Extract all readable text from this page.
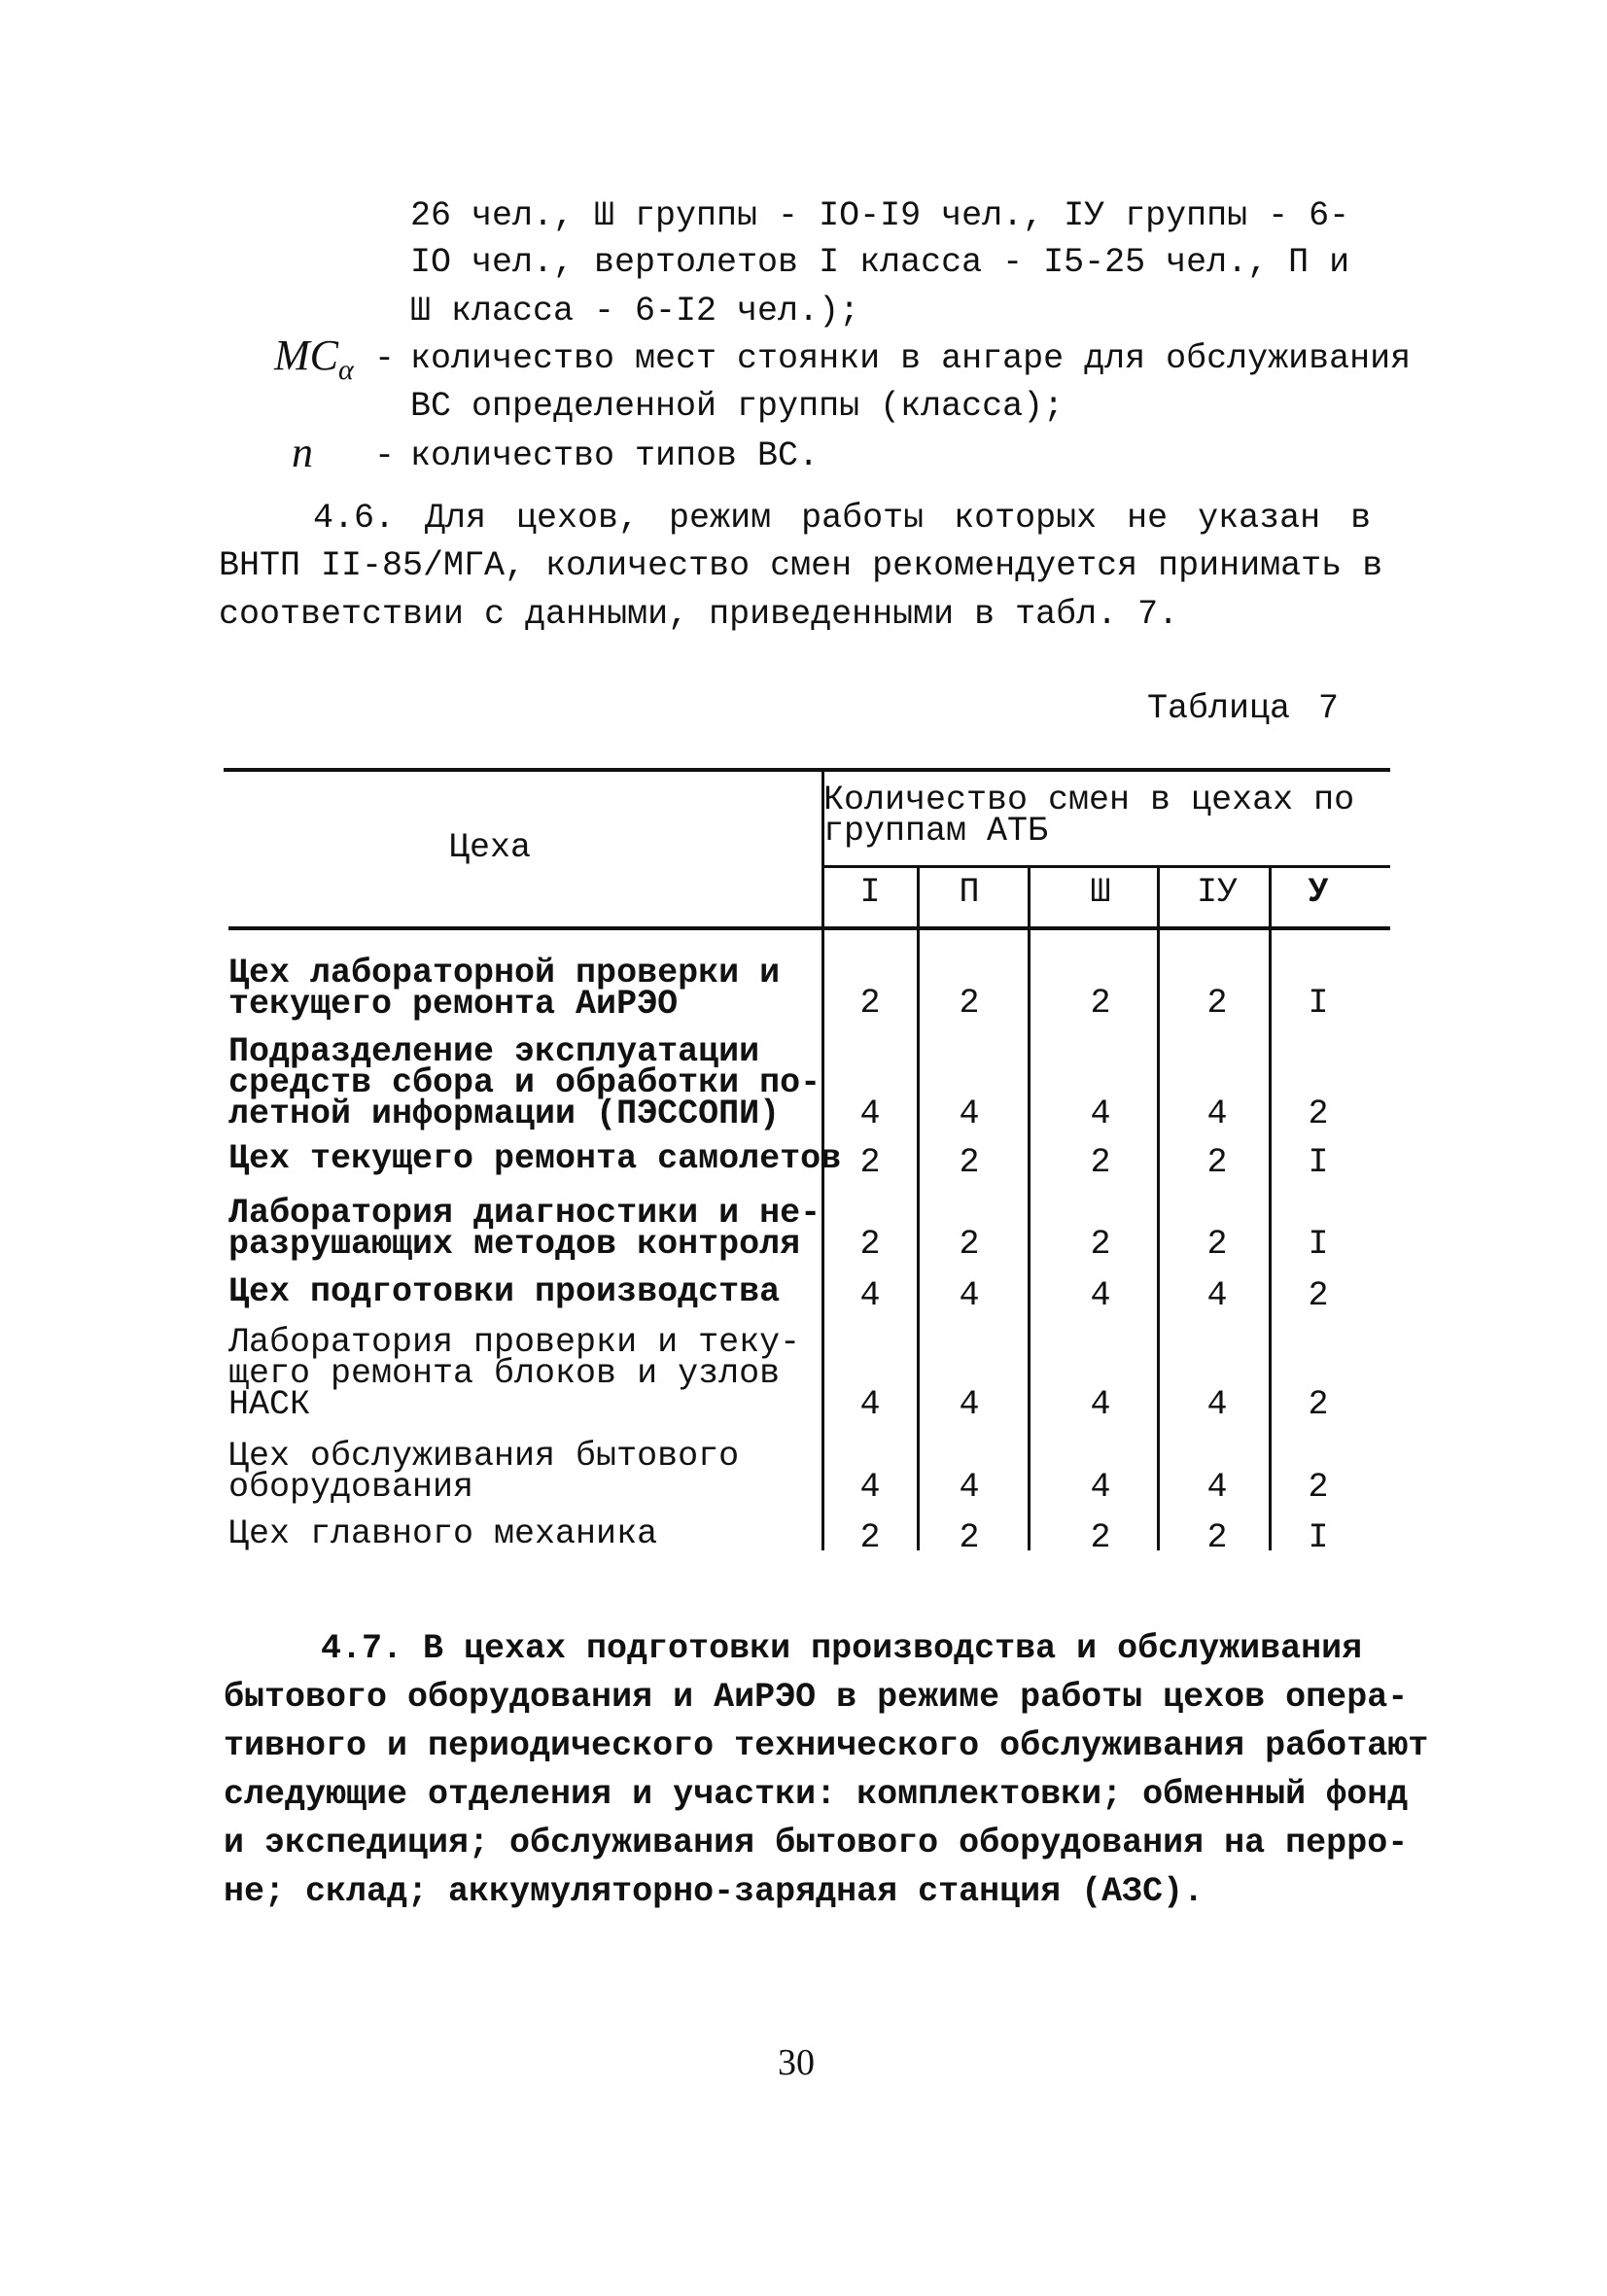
26 чел., Ш группы - IO-I9 чел., IУ группы - 6-
IO чел., вертолетов I класса - I5-25 чел., П и
Ш класса - 6-I2 чел.);
$MC_\alpha$ - количество мест стоянки в ангаре для обслуживания
ВС определенной группы (класса);
n - количество типов ВС.
4.6. Для цехов, режим работы которых не указан в
ВНТП II-85/МГА, количество смен рекомендуется принимать в
соответствии с данными, приведенными в табл. 7.
Таблица 7
Цеха
Количество смен в цехах по
группам АТБ
I	П	Ш	IУ	У
Цех лабораторной проверки и
текущего ремонта АиРЭО	2	2	2	2	I
Подразделение эксплуатации
средств сбора и обработки по-
летной информации (ПЭССОПИ)	4	4	4	4	2
Цех текущего ремонта самолетов 2	2	2	2	I
Лаборатория диагностики и не-
разрушающих методов контроля	2	2	2	2	I
Цех подготовки производства	4	4	4	4	2
Лаборатория проверки и теку-
щего ремонта блоков и узлов
НАСК	4	4	4	4	2
Цех обслуживания бытового
оборудования	4	4	4	4	2
Цех главного механика	2	2	2	2	I
4.7. В цехах подготовки производства и обслуживания
бытового оборудования и АиРЭО в режиме работы цехов опера-
тивного и периодического технического обслуживания работают
следующие отделения и участки: комплектовки; обменный фонд
и экспедиция; обслуживания бытового оборудования на перро-
не; склад; аккумуляторно-зарядная станция (АЗС).
30
